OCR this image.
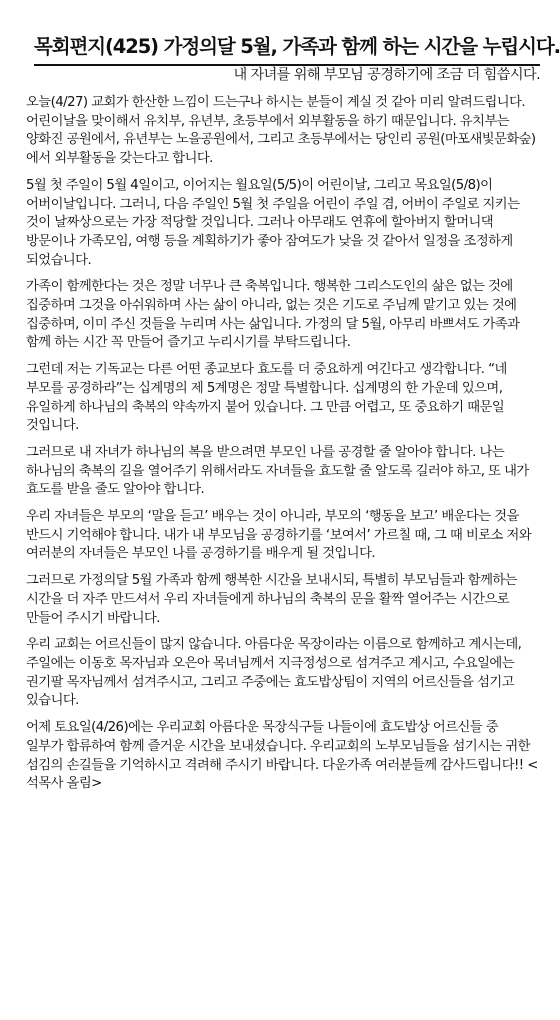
목회편지(425) 가정의달 5월, 가족과 함께 하는 시간을 누립시다.
내 자녀를 위해 부모님 공경하기에 조금 더 힘씁시다.

오늘(4/27) 교회가 한산한 느낌이 드는구나 하시는 분들이 계실 것 같아 미리 알려드립니다. 어린이날을 맞이해서 유치부, 유년부, 초등부에서 외부활동을 하기 때문입니다. 유치부는 양화진 공원에서, 유년부는 노을공원에서, 그리고 초등부에서는 당인리 공원(마포새빛문화숲)에서 외부활동을 갖는다고 합니다.

5월 첫 주일이 5월 4일이고, 이어지는 월요일(5/5)이 어린이날, 그리고 목요일(5/8)이 어버이날입니다. 그러니, 다음 주일인 5월 첫 주일을 어린이 주일 겸, 어버이 주일로 지키는 것이 날짜상으로는 가장 적당할 것입니다. 그러나 아무래도 연휴에 할아버지 할머니댁 방문이나 가족모임, 여행 등을 계획하기가 좋아 잠여도가 낮을 것 같아서 일정을 조정하게 되었습니다.

가족이 함께한다는 것은 정말 너무나 큰 축복입니다. 행복한 그리스도인의 삶은 없는 것에 집중하며 그것을 아쉬워하며 사는 삶이 아니라, 없는 것은 기도로 주님께 맡기고 있는 것에 집중하며, 이미 주신 것들을 누리며 사는 삶입니다. 가정의 달 5월, 아무리 바쁘셔도 가족과 함께 하는 시간 꼭 만들어 즐기고 누리시기를 부탁드립니다.

그런데 저는 기독교는 다른 어떤 종교보다 효도를 더 중요하게 여긴다고 생각합니다. “네 부모를 공경하라”는 십계명의 제 5계명은 정말 특별합니다. 십계명의 한 가운데 있으며, 유일하게 하나님의 축복의 약속까지 붙어 있습니다. 그 만큼 어렵고, 또 중요하기 때문일 것입니다.

그러므로 내 자녀가 하나님의 복을 받으려면 부모인 나를 공경할 줄 알아야 합니다. 나는 하나님의 축복의 길을 열어주기 위해서라도 자녀들을 효도할 줄 알도록 길러야 하고, 또 내가 효도를 받을 줄도 알아야 합니다.

우리 자녀들은 부모의 ‘말을 듣고’ 배우는 것이 아니라, 부모의 ‘행동을 보고’ 배운다는 것을 반드시 기억해야 합니다. 내가 내 부모님을 공경하기를 ‘보여서’ 가르칠 때, 그 때 비로소 저와 여러분의 자녀들은 부모인 나를 공경하기를 배우게 될 것입니다.

그러므로 가정의달 5월 가족과 함께 행복한 시간을 보내시되, 특별히 부모님들과 함께하는 시간을 더 자주 만드셔서 우리 자녀들에게 하나님의 축복의 문을 활짝 열어주는 시간으로 만들어 주시기 바랍니다.

우리 교회는 어르신들이 많지 않습니다. 아름다운 목장이라는 이름으로 함께하고 계시는데, 주일에는 이동호 목자님과 오은아 목녀님께서 지극정성으로 섬겨주고 계시고, 수요일에는 권기팔 목자님께서 섬겨주시고, 그리고 주중에는 효도밥상팀이 지역의 어르신들을 섬기고 있습니다.

어제 토요일(4/26)에는 우리교회 아름다운 목장식구들 나들이에 효도밥상 어르신들 중 일부가 합류하여 함께 즐거운 시간을 보내셨습니다. 우리교회의 노부모님들을 섬기시는 귀한 섬김의 손길들을 기억하시고 격려해 주시기 바랍니다. 다운가족 여러분들께 감사드립니다!! <석목사 올림>
